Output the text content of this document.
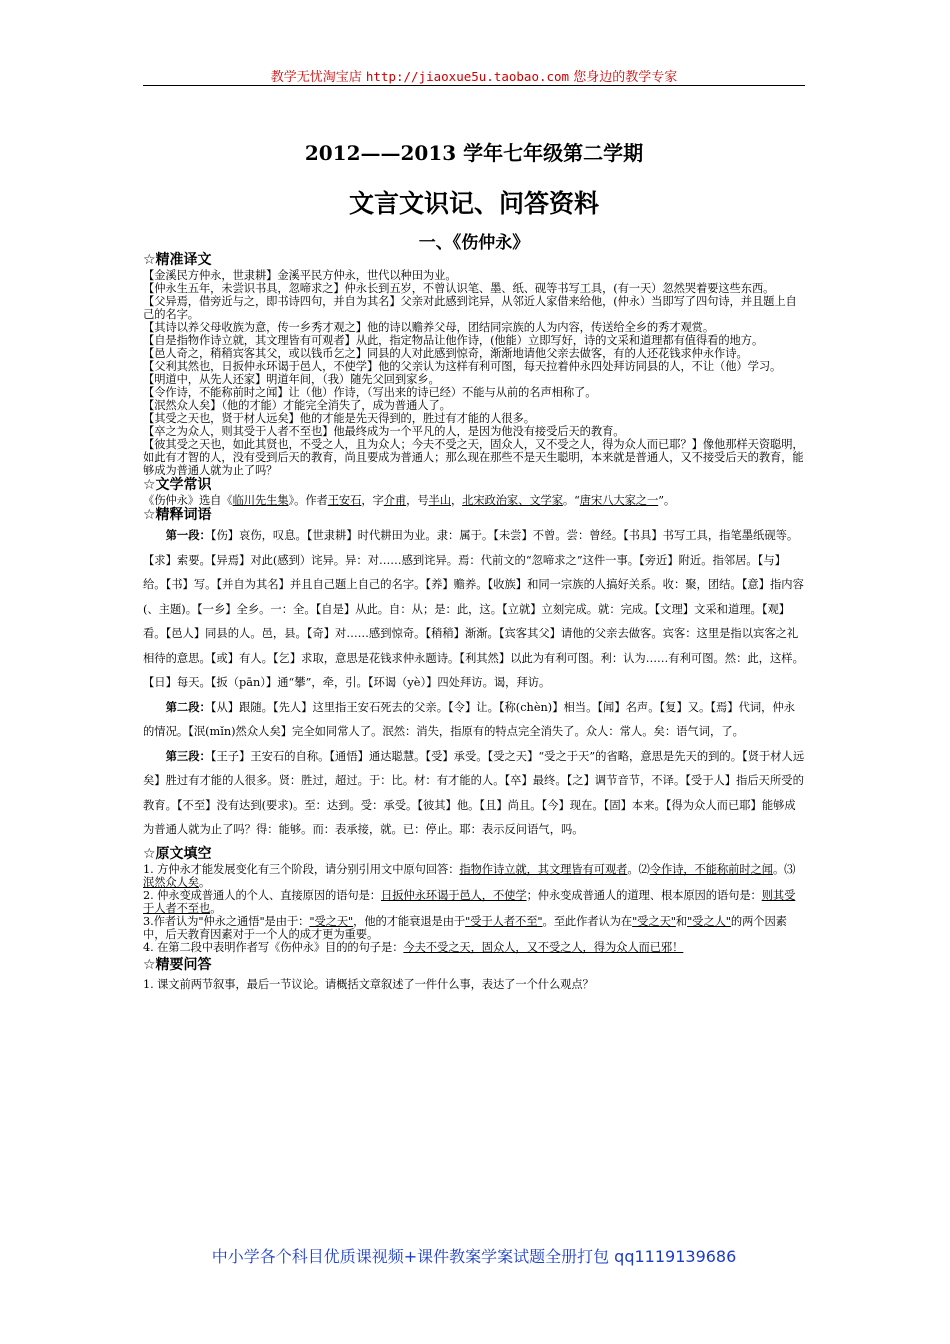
教学无忧淘宝店 http://jiaoxue5u.taobao.com 您身边的教学专家
2012——2013 学年七年级第二学期
文言文识记、问答资料
一、《伤仲永》
☆精准译文

【金溪民方仲永，世隶耕】金溪平民方仲永，世代以种田为业。

【仲永生五年，未尝识书具，忽啼求之】仲永长到五岁，不曾认识笔、墨、纸、砚等书写工具，(有一天）忽然哭着要这些东西。

【父异焉，借旁近与之，即书诗四句，并自为其名】父亲对此感到诧异，从邻近人家借来给他，(仲永）当即写了四句诗，并且题上自己的名字。

【其诗以养父母收族为意，传一乡秀才观之】他的诗以赡养父母，团结同宗族的人为内容，传送给全乡的秀才观赏。

【自是指物作诗立就，其文理皆有可观者】从此，指定物品让他作诗，(他能）立即写好，诗的文采和道理都有值得看的地方。

【邑人奇之，稍稍宾客其父，或以钱币乞之】同县的人对此感到惊奇，渐渐地请他父亲去做客，有的人还花钱求仲永作诗。

【父利其然也，日扳仲永环谒于邑人，不使学】他的父亲认为这样有利可图，每天拉着仲永四处拜访同县的人，不让（他）学习。

【明道中，从先人还家】明道年间，（我）随先父回到家乡。

【令作诗，不能称前时之闻】让（他）作诗，（写出来的诗已经）不能与从前的名声相称了。

【泯然众人矣】（他的才能）才能完全消失了，成为普通人了。

【其受之天也，贤于材人远矣】他的才能是先天得到的，胜过有才能的人很多。

【卒之为众人，则其受于人者不至也】他最终成为一个平凡的人，是因为他没有接受后天的教育。

【彼其受之天也，如此其贤也，不受之人，且为众人；今夫不受之天，固众人，又不受之人，得为众人而已耶？】像他那样天资聪明，如此有才智的人，没有受到后天的教育，尚且要成为普通人；那么现在那些不是天生聪明，本来就是普通人，又不接受后天的教育，能够成为普通人就为止了吗？

☆文学常识

《伤仲永》选自《临川先生集》。作者王安石，字介甫，号半山，北宋政治家、文学家。“唐宋八大家之一”。

☆精释词语

第一段：【伤】哀伤，叹息。【世隶耕】时代耕田为业。隶：属于。【未尝】不曾。尝：曾经。【书具】书写工具，指笔墨纸砚等。【求】索要。【异焉】对此(感到）诧异。异：对……感到诧异。焉：代前文的“忽啼求之”这件一事。【旁近】附近。指邻居。【与】给。【书】写。【并自为其名】并且自己题上自己的名字。【养】赡养。【收族】和同一宗族的人搞好关系。收：聚，团结。【意】指内容(、主题)。【一乡】全乡。一：全。【自是】从此。自：从；是：此，这。【立就】立刻完成。就：完成。【文理】文采和道理。【观】看。【邑人】同县的人。邑，县。【奇】对……感到惊奇。【稍稍】渐渐。【宾客其父】请他的父亲去做客。宾客：这里是指以宾客之礼相待的意思。【或】有人。【乞】求取，意思是花钱求仲永题诗。【利其然】以此为有利可图。利：认为……有利可图。然：此，这样。【日】每天。【扳（pān）】通“攀”，牵，引。【环谒（yè）】四处拜访。谒，拜访。

第二段：【从】跟随。【先人】这里指王安石死去的父亲。【令】让。【称(chèn)】相当。【闻】名声。【复】又。【焉】代词，仲永的情况。【泯(mǐn)然众人矣】完全如同常人了。泯然：消失，指原有的特点完全消失了。众人：常人。矣：语气词，了。

第三段：【王子】王安石的自称。【通悟】通达聪慧。【受】承受。【受之天】“受之于天”的省略，意思是先天的到的。【贤于材人远矣】胜过有才能的人很多。贤：胜过，超过。于：比。材：有才能的人。【卒】最终。【之】调节音节，不译。【受于人】指后天所受的教育。【不至】没有达到(要求)。至：达到。受：承受。【彼其】他。【且】尚且。【今】现在。【固】本来。【得为众人而已耶】能够成为普通人就为止了吗？得：能够。而：表承接，就。已：停止。耶：表示反问语气，吗。

☆原文填空

1. 方仲永才能发展变化有三个阶段，请分别引用文中原句回答：指物作诗立就，其文理皆有可观者。⑵令作诗，不能称前时之闻。⑶泯然众人矣。

2. 仲永变成普通人的个人、直接原因的语句是：日扳仲永环谒于邑人，不使学；仲永变成普通人的道理、根本原因的语句是：则其受于人者不至也。

3.作者认为"仲永之通悟"是由于："受之天"，他的才能衰退是由于"受于人者不至"。至此作者认为在"受之天"和"受之人"的两个因素中，后天教育因素对于一个人的成才更为重要。

4. 在第二段中表明作者写《伤仲永》目的的句子是：今夫不受之天，固众人，又不受之人，得为众人而已邪！

☆精要问答

1. 课文前两节叙事，最后一节议论。请概括文章叙述了一件什么事，表达了一个什么观点？

中小学各个科目优质课视频+课件教案学案试题全册打包 qq1119139686
